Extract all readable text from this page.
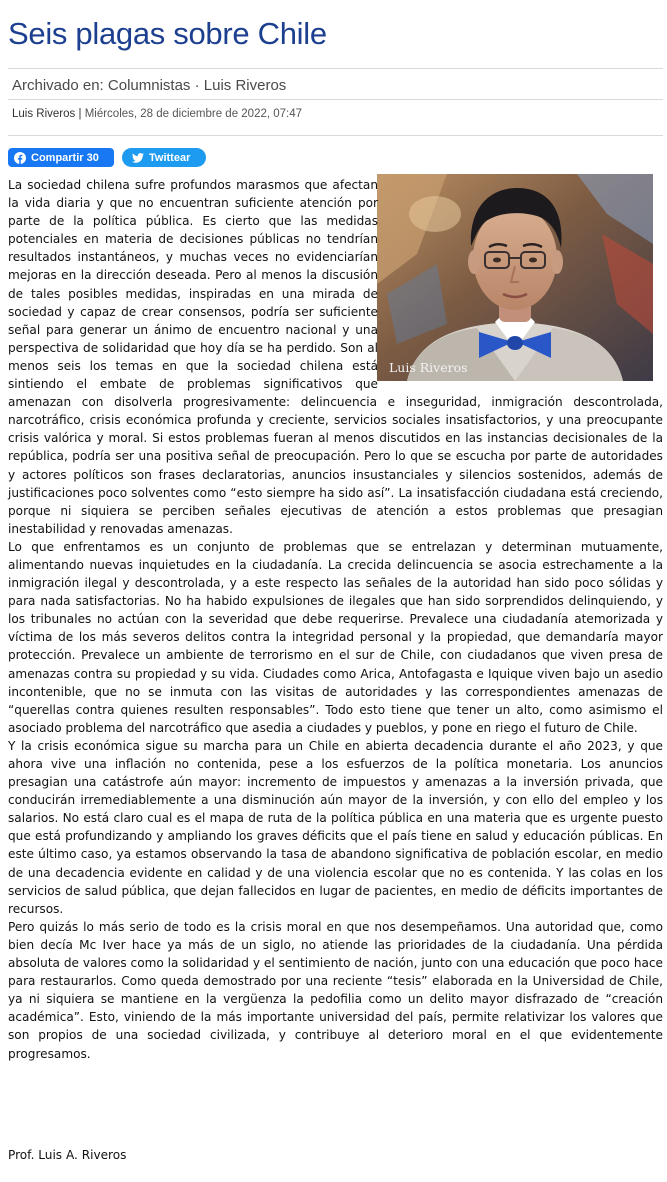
Seis plagas sobre Chile
Archivado en: Columnistas · Luis Riveros
Luis Riveros | Miércoles, 28 de diciembre de 2022, 07:47
Compartir 30	Twittear
Luis Riveros

La sociedad chilena sufre profundos marasmos que afectan la vida diaria y que no encuentran suficiente atención por parte de la política pública. Es cierto que las medidas potenciales en materia de decisiones públicas no tendrían resultados instantáneos, y muchas veces no evidenciarían mejoras en la dirección deseada. Pero al menos la discusión de tales posibles medidas, inspiradas en una mirada de sociedad y capaz de crear consensos, podría ser suficiente señal para generar un ánimo de encuentro nacional y una perspectiva de solidaridad que hoy día se ha perdido. Son al menos seis los temas en que la sociedad chilena está sintiendo el embate de problemas significativos que amenazan con disolverla progresivamente: delincuencia e inseguridad, inmigración descontrolada, narcotráfico, crisis económica profunda y creciente, servicios sociales insatisfactorios, y una preocupante crisis valórica y moral. Si estos problemas fueran al menos discutidos en las instancias decisionales de la república, podría ser una positiva señal de preocupación. Pero lo que se escucha por parte de autoridades y actores políticos son frases declaratorias, anuncios insustanciales y silencios sostenidos, además de justificaciones poco solventes como “esto siempre ha sido así”. La insatisfacción ciudadana está creciendo, porque ni siquiera se perciben señales ejecutivas de atención a estos problemas que presagian inestabilidad y renovadas amenazas.

Lo que enfrentamos es un conjunto de problemas que se entrelazan y determinan mutuamente, alimentando nuevas inquietudes en la ciudadanía. La crecida delincuencia se asocia estrechamente a la inmigración ilegal y descontrolada, y a este respecto las señales de la autoridad han sido poco sólidas y para nada satisfactorias. No ha habido expulsiones de ilegales que han sido sorprendidos delinquiendo, y los tribunales no actúan con la severidad que debe requerirse. Prevalece una ciudadanía atemorizada y víctima de los más severos delitos contra la integridad personal y la propiedad, que demandaría mayor protección. Prevalece un ambiente de terrorismo en el sur de Chile, con ciudadanos que viven presa de amenazas contra su propiedad y su vida. Ciudades como Arica, Antofagasta e Iquique viven bajo un asedio incontenible, que no se inmuta con las visitas de autoridades y las correspondientes amenazas de “querellas contra quienes resulten responsables”. Todo esto tiene que tener un alto, como asimismo el asociado problema del narcotráfico que asedia a ciudades y pueblos, y pone en riego el futuro de Chile.

Y la crisis económica sigue su marcha para un Chile en abierta decadencia durante el año 2023, y que ahora vive una inflación no contenida, pese a los esfuerzos de la política monetaria. Los anuncios presagian una catástrofe aún mayor: incremento de impuestos y amenazas a la inversión privada, que conducirán irremediablemente a una disminución aún mayor de la inversión, y con ello del empleo y los salarios. No está claro cual es el mapa de ruta de la política pública en una materia que es urgente puesto que está profundizando y ampliando los graves déficits que el país tiene en salud y educación públicas. En este último caso, ya estamos observando la tasa de abandono significativa de población escolar, en medio de una decadencia evidente en calidad y de una violencia escolar que no es contenida. Y las colas en los servicios de salud pública, que dejan fallecidos en lugar de pacientes, en medio de déficits importantes de recursos.

Pero quizás lo más serio de todo es la crisis moral en que nos desempeñamos. Una autoridad que, como bien decía Mc Iver hace ya más de un siglo, no atiende las prioridades de la ciudadanía. Una pérdida absoluta de valores como la solidaridad y el sentimiento de nación, junto con una educación que poco hace para restaurarlos. Como queda demostrado por una reciente “tesis” elaborada en la Universidad de Chile, ya ni siquiera se mantiene en la vergüenza la pedofilia como un delito mayor disfrazado de “creación académica”. Esto, viniendo de la más importante universidad del país, permite relativizar los valores que son propios de una sociedad civilizada, y contribuye al deterioro moral en el que evidentemente progresamos.

Prof. Luis A. Riveros
